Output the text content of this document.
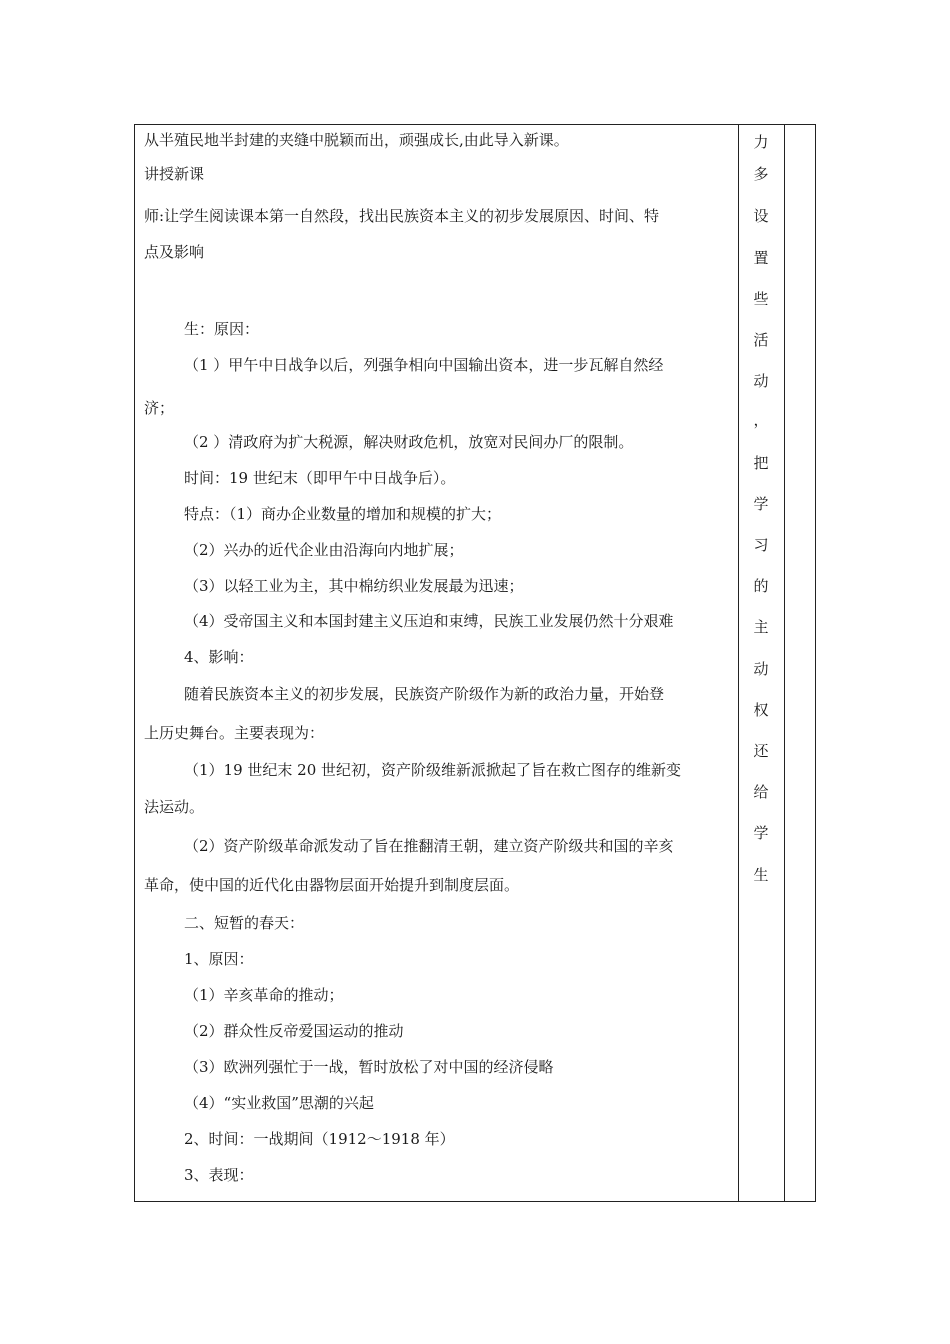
从半殖民地半封建的夹缝中脱颖而出，顽强成长,由此导入新课。
讲授新课
师:让学生阅读课本第一自然段，找出民族资本主义的初步发展原因、时间、特
点及影响
生：原因：
（1 ）甲午中日战争以后，列强争相向中国输出资本，进一步瓦解自然经
济；
（2 ）清政府为扩大税源，解决财政危机，放宽对民间办厂的限制。
时间：19 世纪末（即甲午中日战争后）。
特点：（1）商办企业数量的增加和规模的扩大；
（2）兴办的近代企业由沿海向内地扩展；
（3）以轻工业为主，其中棉纺织业发展最为迅速；
（4）受帝国主义和本国封建主义压迫和束缚，民族工业发展仍然十分艰难
4、影响：
随着民族资本主义的初步发展，民族资产阶级作为新的政治力量，开始登
上历史舞台。主要表现为：
（1）19 世纪末 20 世纪初，资产阶级维新派掀起了旨在救亡图存的维新变
法运动。
（2）资产阶级革命派发动了旨在推翻清王朝，建立资产阶级共和国的辛亥
革命，使中国的近代化由器物层面开始提升到制度层面。
二、短暂的春天：
1、原因：
（1）辛亥革命的推动；
（2）群众性反帝爱国运动的推动
（3）欧洲列强忙于一战，暂时放松了对中国的经济侵略
（4）“实业救国”思潮的兴起
2、时间：一战期间（1912～1918 年）
3、表现：
力
多
设
置
些
活
动
，
把
学
习
的
主
动
权
还
给
学
生
